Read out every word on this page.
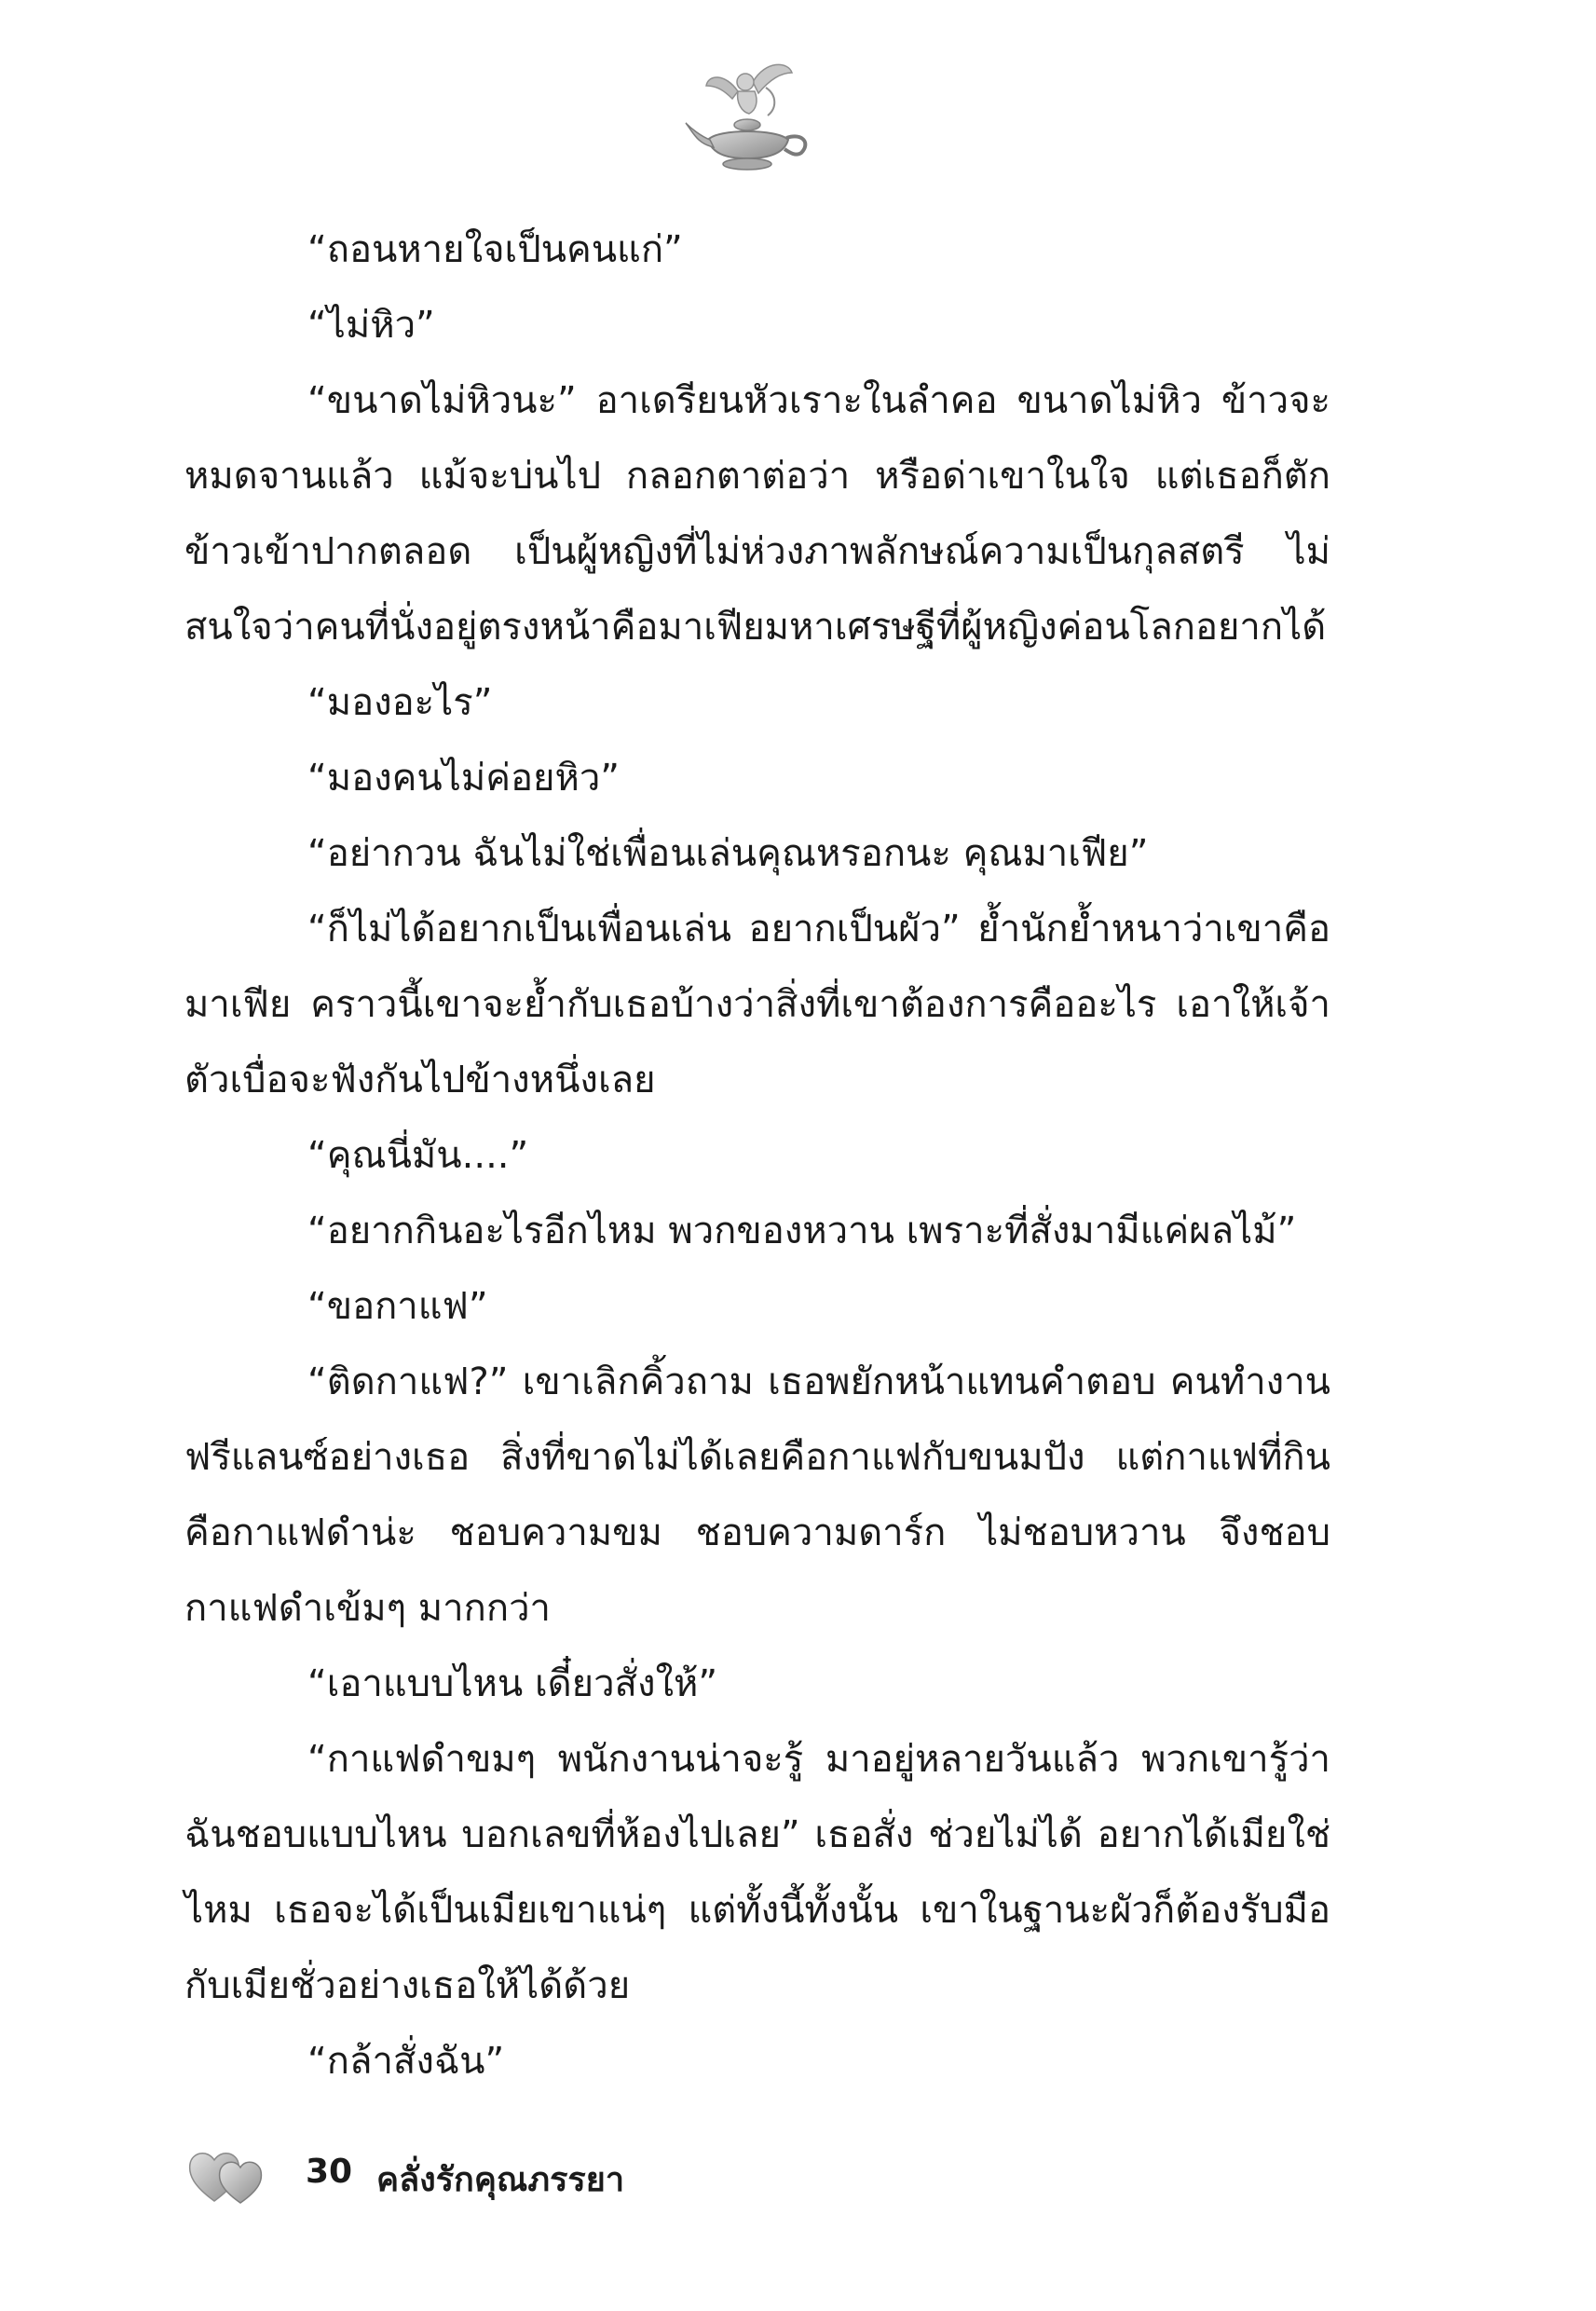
“ถอนหายใจเป็นคนแก่”

“ไม่หิว”

“ขนาดไม่หิวนะ” อาเดรียนหัวเราะในลำคอ ขนาดไม่หิว ข้าวจะหมดจานแล้ว แม้จะบ่นไป กลอกตาต่อว่า หรือด่าเขาในใจ แต่เธอก็ตักข้าวเข้าปากตลอด เป็นผู้หญิงที่ไม่ห่วงภาพลักษณ์ความเป็นกุลสตรี ไม่สนใจว่าคนที่นั่งอยู่ตรงหน้าคือมาเฟียมหาเศรษฐีที่ผู้หญิงค่อนโลกอยากได้

“มองอะไร”

“มองคนไม่ค่อยหิว”

“อย่ากวน ฉันไม่ใช่เพื่อนเล่นคุณหรอกนะ คุณมาเฟีย”

“ก็ไม่ได้อยากเป็นเพื่อนเล่น อยากเป็นผัว” ย้ำนักย้ำหนาว่าเขาคือมาเฟีย คราวนี้เขาจะย้ำกับเธอบ้างว่าสิ่งที่เขาต้องการคืออะไร เอาให้เจ้าตัวเบื่อจะฟังกันไปข้างหนึ่งเลย

“คุณนี่มัน....”

“อยากกินอะไรอีกไหม พวกของหวาน เพราะที่สั่งมามีแค่ผลไม้”

“ขอกาแฟ”

“ติดกาแฟ?” เขาเลิกคิ้วถาม เธอพยักหน้าแทนคำตอบ คนทำงานฟรีแลนซ์อย่างเธอ สิ่งที่ขาดไม่ได้เลยคือกาแฟกับขนมปัง แต่กาแฟที่กินคือกาแฟดำน่ะ ชอบความขม ชอบความดาร์ก ไม่ชอบหวาน จึงชอบกาแฟดำเข้มๆ มากกว่า

“เอาแบบไหน เดี๋ยวสั่งให้”

“กาแฟดำขมๆ พนักงานน่าจะรู้ มาอยู่หลายวันแล้ว พวกเขารู้ว่าฉันชอบแบบไหน บอกเลขที่ห้องไปเลย” เธอสั่ง ช่วยไม่ได้ อยากได้เมียใช่ไหม เธอจะได้เป็นเมียเขาแน่ๆ แต่ทั้งนี้ทั้งนั้น เขาในฐานะผัวก็ต้องรับมือกับเมียชั่วอย่างเธอให้ได้ด้วย

“กล้าสั่งฉัน”

30 คลั่งรักคุณภรรยา
